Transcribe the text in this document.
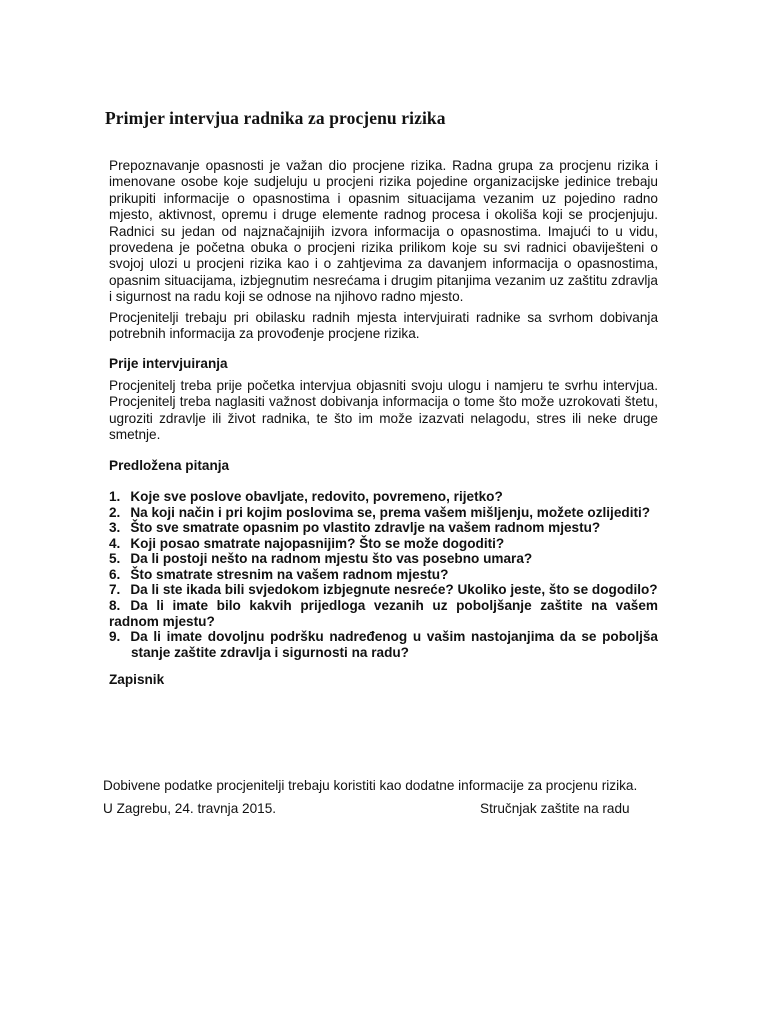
Primjer intervjua radnika za procjenu rizika

Prepoznavanje opasnosti je važan dio procjene rizika. Radna grupa za procjenu rizika i imenovane osobe koje sudjeluju u procjeni rizika pojedine organizacijske jedinice trebaju prikupiti informacije o opasnostima i opasnim situacijama vezanim uz pojedino radno mjesto, aktivnost, opremu i druge elemente radnog procesa i okoliša koji se procjenjuju. Radnici su jedan od najznačajnijih izvora informacija o opasnostima. Imajući to u vidu, provedena je početna obuka o procjeni rizika prilikom koje su svi radnici obaviješteni o svojoj ulozi u procjeni rizika kao i o zahtjevima za davanjem informacija o opasnostima, opasnim situacijama, izbjegnutim nesrećama i drugim pitanjima vezanim uz zaštitu zdravlja i sigurnost na radu koji se odnose na njihovo radno mjesto.

Procjenitelji trebaju pri obilasku radnih mjesta intervjuirati radnike sa svrhom dobivanja potrebnih informacija za provođenje procjene rizika.

Prije intervjuiranja

Procjenitelj treba prije početka intervjua objasniti svoju ulogu i namjeru te svrhu intervjua. Procjenitelj treba naglasiti važnost dobivanja informacija o tome što može uzrokovati štetu, ugroziti zdravlje ili život radnika, te što im može izazvati nelagodu, stres ili neke druge smetnje.

Predložena pitanja

1. Koje sve poslove obavljate, redovito, povremeno, rijetko?
2. Na koji način i pri kojim poslovima se, prema vašem mišljenju, možete ozlijediti?
3. Što sve smatrate opasnim po vlastito zdravlje na vašem radnom mjestu?
4. Koji posao smatrate najopasnijim? Što se može dogoditi?
5. Da li postoji nešto na radnom mjestu što vas posebno umara?
6. Što smatrate stresnim na vašem radnom mjestu?
7. Da li ste ikada bili svjedokom izbjegnute nesreće? Ukoliko jeste, što se dogodilo?
8. Da li imate bilo kakvih prijedloga vezanih uz poboljšanje zaštite na vašem radnom mjestu?
9. Da li imate dovoljnu podršku nadređenog u vašim nastojanjima da se poboljša stanje zaštite zdravlja i sigurnosti na radu?

Zapisnik

Dobivene podatke procjenitelji trebaju koristiti kao dodatne informacije za procjenu rizika.

U Zagrebu, 24. travnja 2015.	Stručnjak zaštite na radu
